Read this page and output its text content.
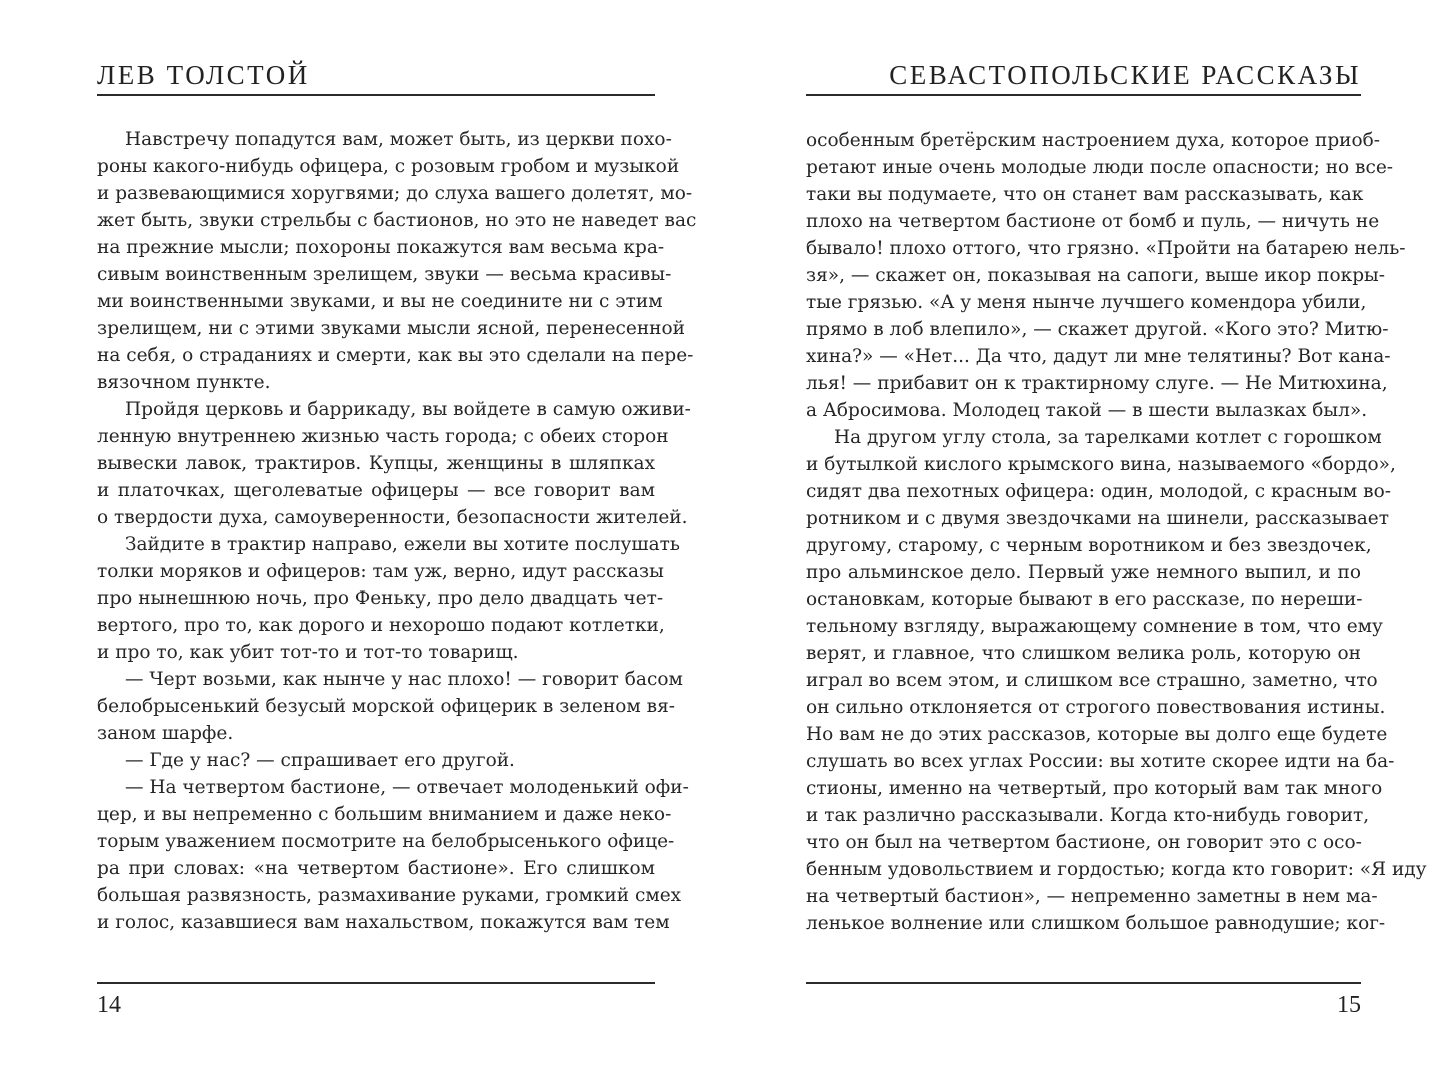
ЛЕВ ТОЛСТОЙ
Навстречу попадутся вам, может быть, из церкви похо-
роны какого-нибудь офицера, с розовым гробом и музыкой
и развевающимися хоругвями; до слуха вашего долетят, мо-
жет быть, звуки стрельбы с бастионов, но это не наведет вас
на прежние мысли; похороны покажутся вам весьма кра-
сивым воинственным зрелищем, звуки — весьма красивы-
ми воинственными звуками, и вы не соедините ни с этим
зрелищем, ни с этими звуками мысли ясной, перенесенной
на себя, о страданиях и смерти, как вы это сделали на пере-
вязочном пункте.
Пройдя церковь и баррикаду, вы войдете в самую оживи-
ленную внутреннею жизнью часть города; с обеих сторон
вывески лавок, трактиров. Купцы, женщины в шляпках
и платочках, щеголеватые офицеры — все говорит вам
о твердости духа, самоуверенности, безопасности жителей.
Зайдите в трактир направо, ежели вы хотите послушать
толки моряков и офицеров: там уж, верно, идут рассказы
про нынешнюю ночь, про Феньку, про дело двадцать чет-
вертого, про то, как дорого и нехорошо подают котлетки,
и про то, как убит тот-то и тот-то товарищ.
— Черт возьми, как нынче у нас плохо! — говорит басом
белобрысенький безусый морской офицерик в зеленом вя-
заном шарфе.
— Где у нас? — спрашивает его другой.
— На четвертом бастионе, — отвечает молоденький офи-
цер, и вы непременно с большим вниманием и даже неко-
торым уважением посмотрите на белобрысенького офице-
ра при словах: «на четвертом бастионе». Его слишком
большая развязность, размахивание руками, громкий смех
и голос, казавшиеся вам нахальством, покажутся вам тем
14
СЕВАСТОПОЛЬСКИЕ РАССКАЗЫ
особенным бретёрским настроением духа, которое приоб-
ретают иные очень молодые люди после опасности; но все-
таки вы подумаете, что он станет вам рассказывать, как
плохо на четвертом бастионе от бомб и пуль, — ничуть не
бывало! плохо оттого, что грязно. «Пройти на батарею нель-
зя», — скажет он, показывая на сапоги, выше икор покры-
тые грязью. «А у меня нынче лучшего комендора убили,
прямо в лоб влепило», — скажет другой. «Кого это? Митю-
хина?» — «Нет... Да что, дадут ли мне телятины? Вот кана-
лья! — прибавит он к трактирному слуге. — Не Митюхина,
а Абросимова. Молодец такой — в шести вылазках был».
На другом углу стола, за тарелками котлет с горошком
и бутылкой кислого крымского вина, называемого «бордо»,
сидят два пехотных офицера: один, молодой, с красным во-
ротником и с двумя звездочками на шинели, рассказывает
другому, старому, с черным воротником и без звездочек,
про альминское дело. Первый уже немного выпил, и по
остановкам, которые бывают в его рассказе, по нереши-
тельному взгляду, выражающему сомнение в том, что ему
верят, и главное, что слишком велика роль, которую он
играл во всем этом, и слишком все страшно, заметно, что
он сильно отклоняется от строгого повествования истины.
Но вам не до этих рассказов, которые вы долго еще будете
слушать во всех углах России: вы хотите скорее идти на ба-
стионы, именно на четвертый, про который вам так много
и так различно рассказывали. Когда кто-нибудь говорит,
что он был на четвертом бастионе, он говорит это с осо-
бенным удовольствием и гордостью; когда кто говорит: «Я иду
на четвертый бастион», — непременно заметны в нем ма-
ленькое волнение или слишком большое равнодушие; ког-
15
